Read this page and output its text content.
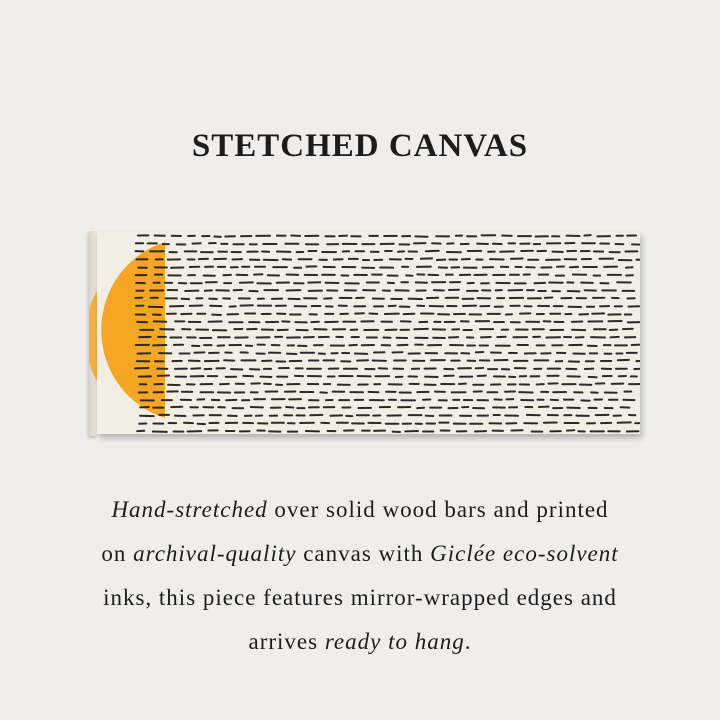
STETCHED CANVAS
Hand-stretched over solid wood bars and printed
on archival-quality canvas with Giclée eco-solvent
inks, this piece features mirror-wrapped edges and
arrives ready to hang.
